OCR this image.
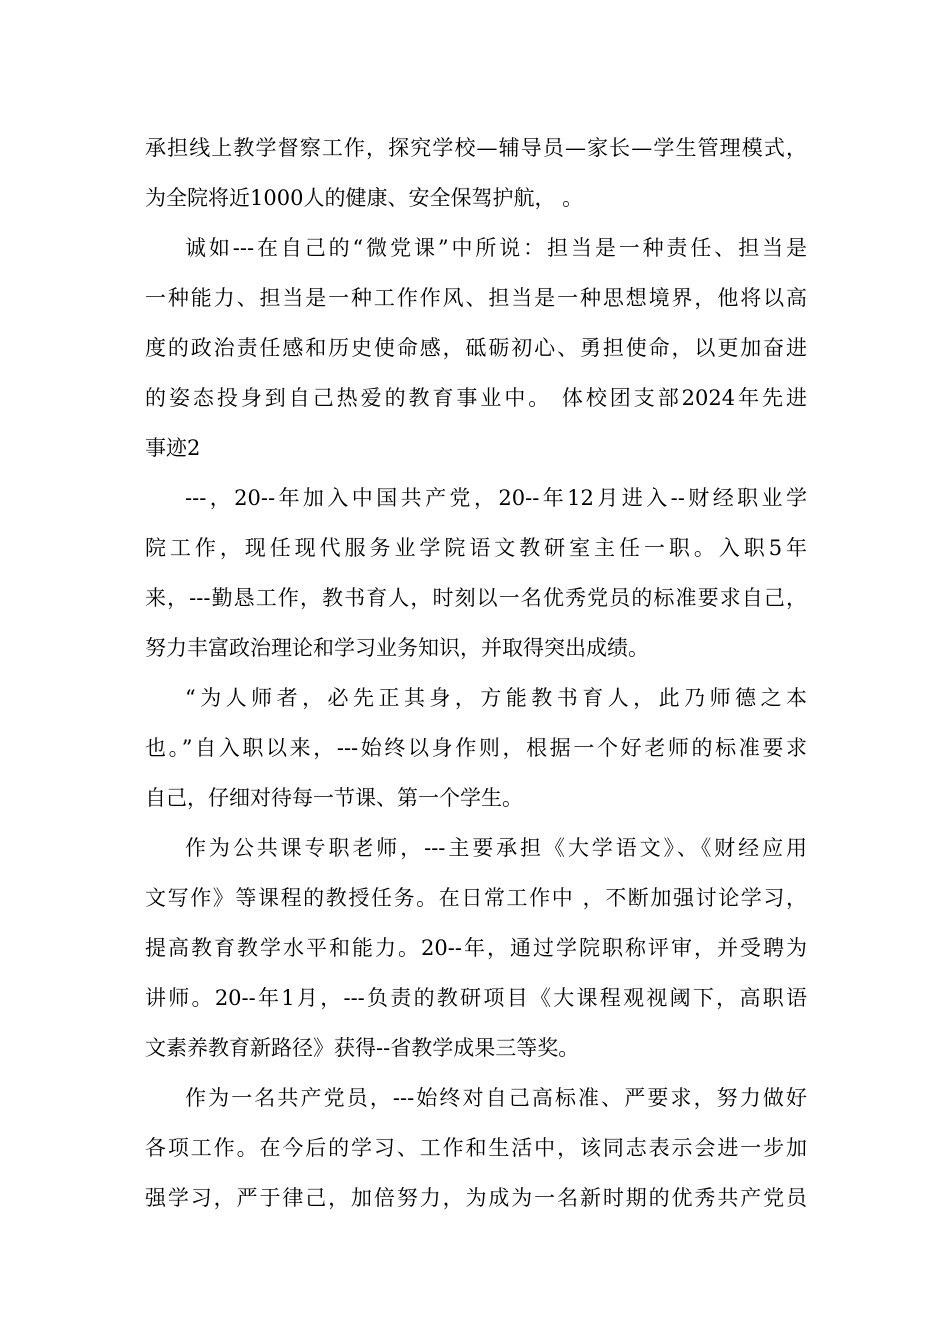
承担线上教学督察工作，探究学校—辅导员—家长—学生管理模式，
为全院将近1000人的健康、安全保驾护航， 。
诚如---在自己的“微党课”中所说：担当是一种责任、担当是
一种能力、担当是一种工作作风、担当是一种思想境界，他将以高
度的政治责任感和历史使命感，砥砺初心、勇担使命，以更加奋进
的姿态投身到自己热爱的教育事业中。 体校团支部2024年先进
事迹2
---，20--年加入中国共产党，20--年12月进入--财经职业学
院工作，现任现代服务业学院语文教研室主任一职。入职5年
来，---勤恳工作，教书育人，时刻以一名优秀党员的标准要求自己，
努力丰富政治理论和学习业务知识，并取得突出成绩。
“为人师者，必先正其身，方能教书育人，此乃师德之本
也。”自入职以来，---始终以身作则，根据一个好老师的标准要求
自己，仔细对待每一节课、第一个学生。
作为公共课专职老师，---主要承担《大学语文》、《财经应用
文写作》等课程的教授任务。在日常工作中 ，不断加强讨论学习，
提高教育教学水平和能力。20--年，通过学院职称评审，并受聘为
讲师。20--年1月，---负责的教研项目《大课程观视阈下，高职语
文素养教育新路径》获得--省教学成果三等奖。
作为一名共产党员，---始终对自己高标准、严要求，努力做好
各项工作。在今后的学习、工作和生活中，该同志表示会进一步加
强学习，严于律己，加倍努力，为成为一名新时期的优秀共产党员
